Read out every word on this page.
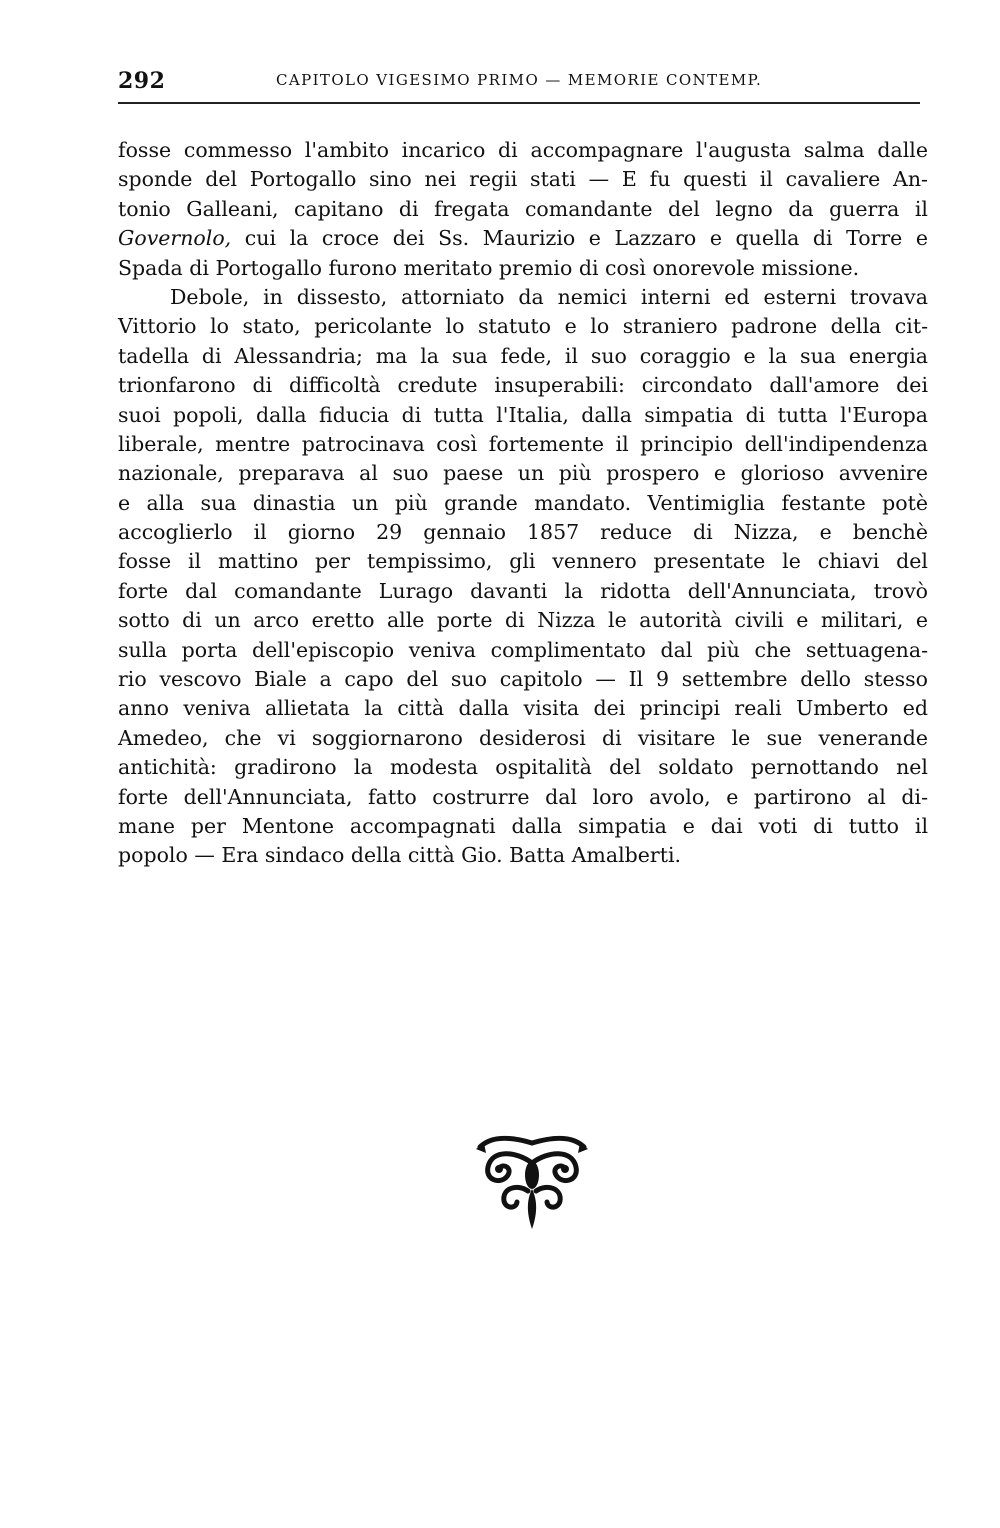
292	CAPITOLO VIGESIMO PRIMO — MEMORIE CONTEMP.
fosse commesso l'ambito incarico di accompagnare l'augusta salma dalle
sponde del Portogallo sino nei regii stati — E fu questi il cavaliere An-
tonio Galleani, capitano di fregata comandante del legno da guerra il
Governolo, cui la croce dei Ss. Maurizio e Lazzaro e quella di Torre e
Spada di Portogallo furono meritato premio di così onorevole missione.
Debole, in dissesto, attorniato da nemici interni ed esterni trovava
Vittorio lo stato, pericolante lo statuto e lo straniero padrone della cit-
tadella di Alessandria; ma la sua fede, il suo coraggio e la sua energia
trionfarono di difficoltà credute insuperabili: circondato dall'amore dei
suoi popoli, dalla fiducia di tutta l'Italia, dalla simpatia di tutta l'Europa
liberale, mentre patrocinava così fortemente il principio dell'indipendenza
nazionale, preparava al suo paese un più prospero e glorioso avvenire
e alla sua dinastia un più grande mandato. Ventimiglia festante potè
accoglierlo il giorno 29 gennaio 1857 reduce di Nizza, e benchè
fosse il mattino per tempissimo, gli vennero presentate le chiavi del
forte dal comandante Lurago davanti la ridotta dell'Annunciata, trovò
sotto di un arco eretto alle porte di Nizza le autorità civili e militari, e
sulla porta dell'episcopio veniva complimentato dal più che settuagena-
rio vescovo Biale a capo del suo capitolo — Il 9 settembre dello stesso
anno veniva allietata la città dalla visita dei principi reali Umberto ed
Amedeo, che vi soggiornarono desiderosi di visitare le sue venerande
antichità: gradirono la modesta ospitalità del soldato pernottando nel
forte dell'Annunciata, fatto costrurre dal loro avolo, e partirono al di-
mane per Mentone accompagnati dalla simpatia e dai voti di tutto il
popolo — Era sindaco della città Gio. Batta Amalberti.
